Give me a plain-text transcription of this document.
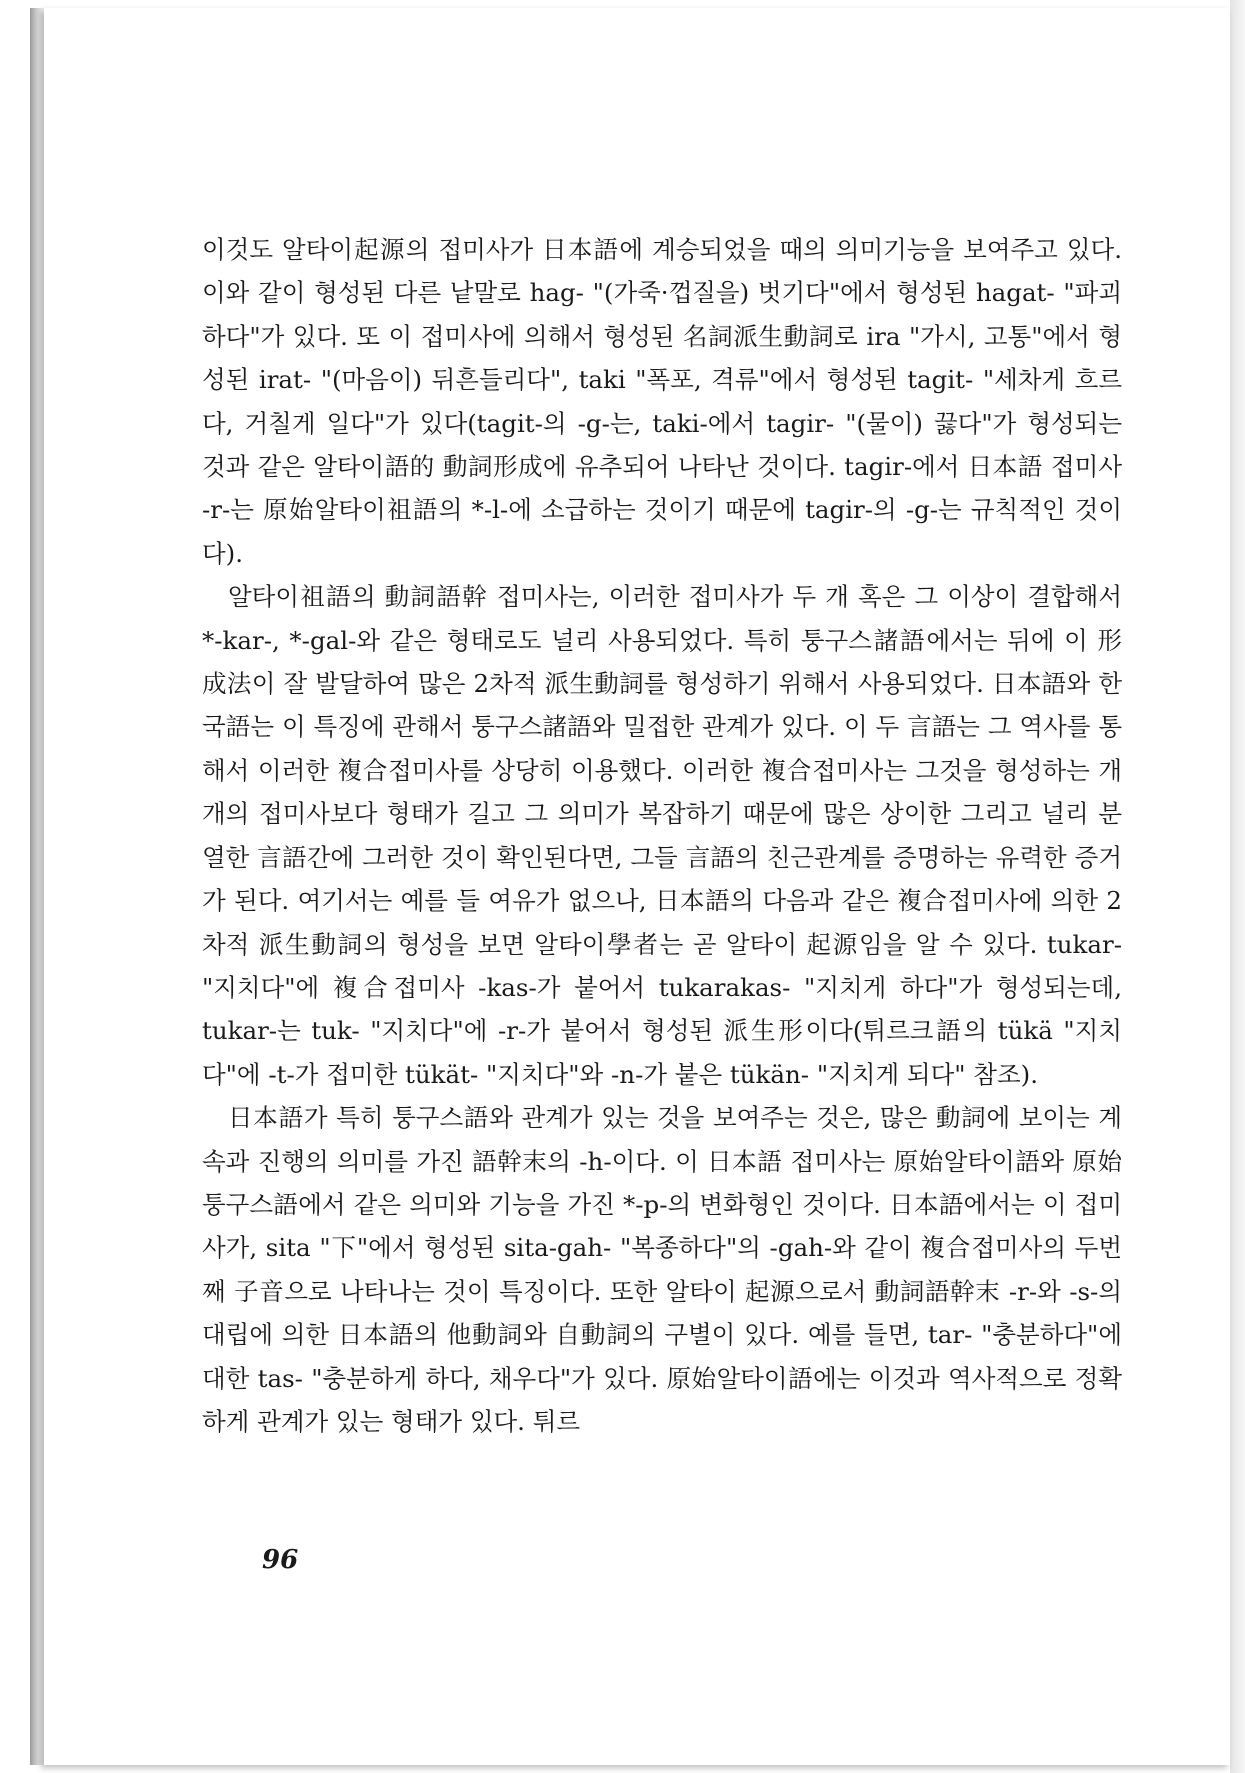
이것도 알타이起源의 접미사가 日本語에 계승되었을 때의 의미기능을 보여주고 있다. 이와 같이 형성된 다른 낱말로 hag- "(가죽·껍질을) 벗기다"에서 형성된 hagat- "파괴하다"가 있다. 또 이 접미사에 의해서 형성된 名詞派生動詞로 ira "가시, 고통"에서 형성된 irat- "(마음이) 뒤흔들리다", taki "폭포, 격류"에서 형성된 tagit- "세차게 흐르다, 거칠게 일다"가 있다(tagit-의 -g-는, taki-에서 tagir- "(물이) 끓다"가 형성되는 것과 같은 알타이語的 動詞形成에 유추되어 나타난 것이다. tagir-에서 日本語 접미사 -r-는 原始알타이祖語의 *-l-에 소급하는 것이기 때문에 tagir-의 -g-는 규칙적인 것이다).

알타이祖語의 動詞語幹 접미사는, 이러한 접미사가 두 개 혹은 그 이상이 결합해서 *-kar-, *-gal-와 같은 형태로도 널리 사용되었다. 특히 퉁구스諸語에서는 뒤에 이 形成法이 잘 발달하여 많은 2차적 派生動詞를 형성하기 위해서 사용되었다. 日本語와 한국語는 이 특징에 관해서 퉁구스諸語와 밀접한 관계가 있다. 이 두 言語는 그 역사를 통해서 이러한 複合접미사를 상당히 이용했다. 이러한 複合접미사는 그것을 형성하는 개개의 접미사보다 형태가 길고 그 의미가 복잡하기 때문에 많은 상이한 그리고 널리 분열한 言語간에 그러한 것이 확인된다면, 그들 言語의 친근관계를 증명하는 유력한 증거가 된다. 여기서는 예를 들 여유가 없으나, 日本語의 다음과 같은 複合접미사에 의한 2차적 派生動詞의 형성을 보면 알타이學者는 곧 알타이 起源임을 알 수 있다. tukar- "지치다"에 複合접미사 -kas-가 붙어서 tukarakas- "지치게 하다"가 형성되는데, tukar-는 tuk- "지치다"에 -r-가 붙어서 형성된 派生形이다(튀르크語의 tükä "지치다"에 -t-가 접미한 tükät- "지치다"와 -n-가 붙은 tükän- "지치게 되다" 참조).

日本語가 특히 퉁구스語와 관계가 있는 것을 보여주는 것은, 많은 動詞에 보이는 계속과 진행의 의미를 가진 語幹末의 -h-이다. 이 日本語 접미사는 原始알타이語와 原始퉁구스語에서 같은 의미와 기능을 가진 *-p-의 변화형인 것이다. 日本語에서는 이 접미사가, sita "下"에서 형성된 sita-gah- "복종하다"의 -gah-와 같이 複合접미사의 두번째 子音으로 나타나는 것이 특징이다. 또한 알타이 起源으로서 動詞語幹末 -r-와 -s-의 대립에 의한 日本語의 他動詞와 自動詞의 구별이 있다. 예를 들면, tar- "충분하다"에 대한 tas- "충분하게 하다, 채우다"가 있다. 原始알타이語에는 이것과 역사적으로 정확하게 관계가 있는 형태가 있다. 튀르

96
